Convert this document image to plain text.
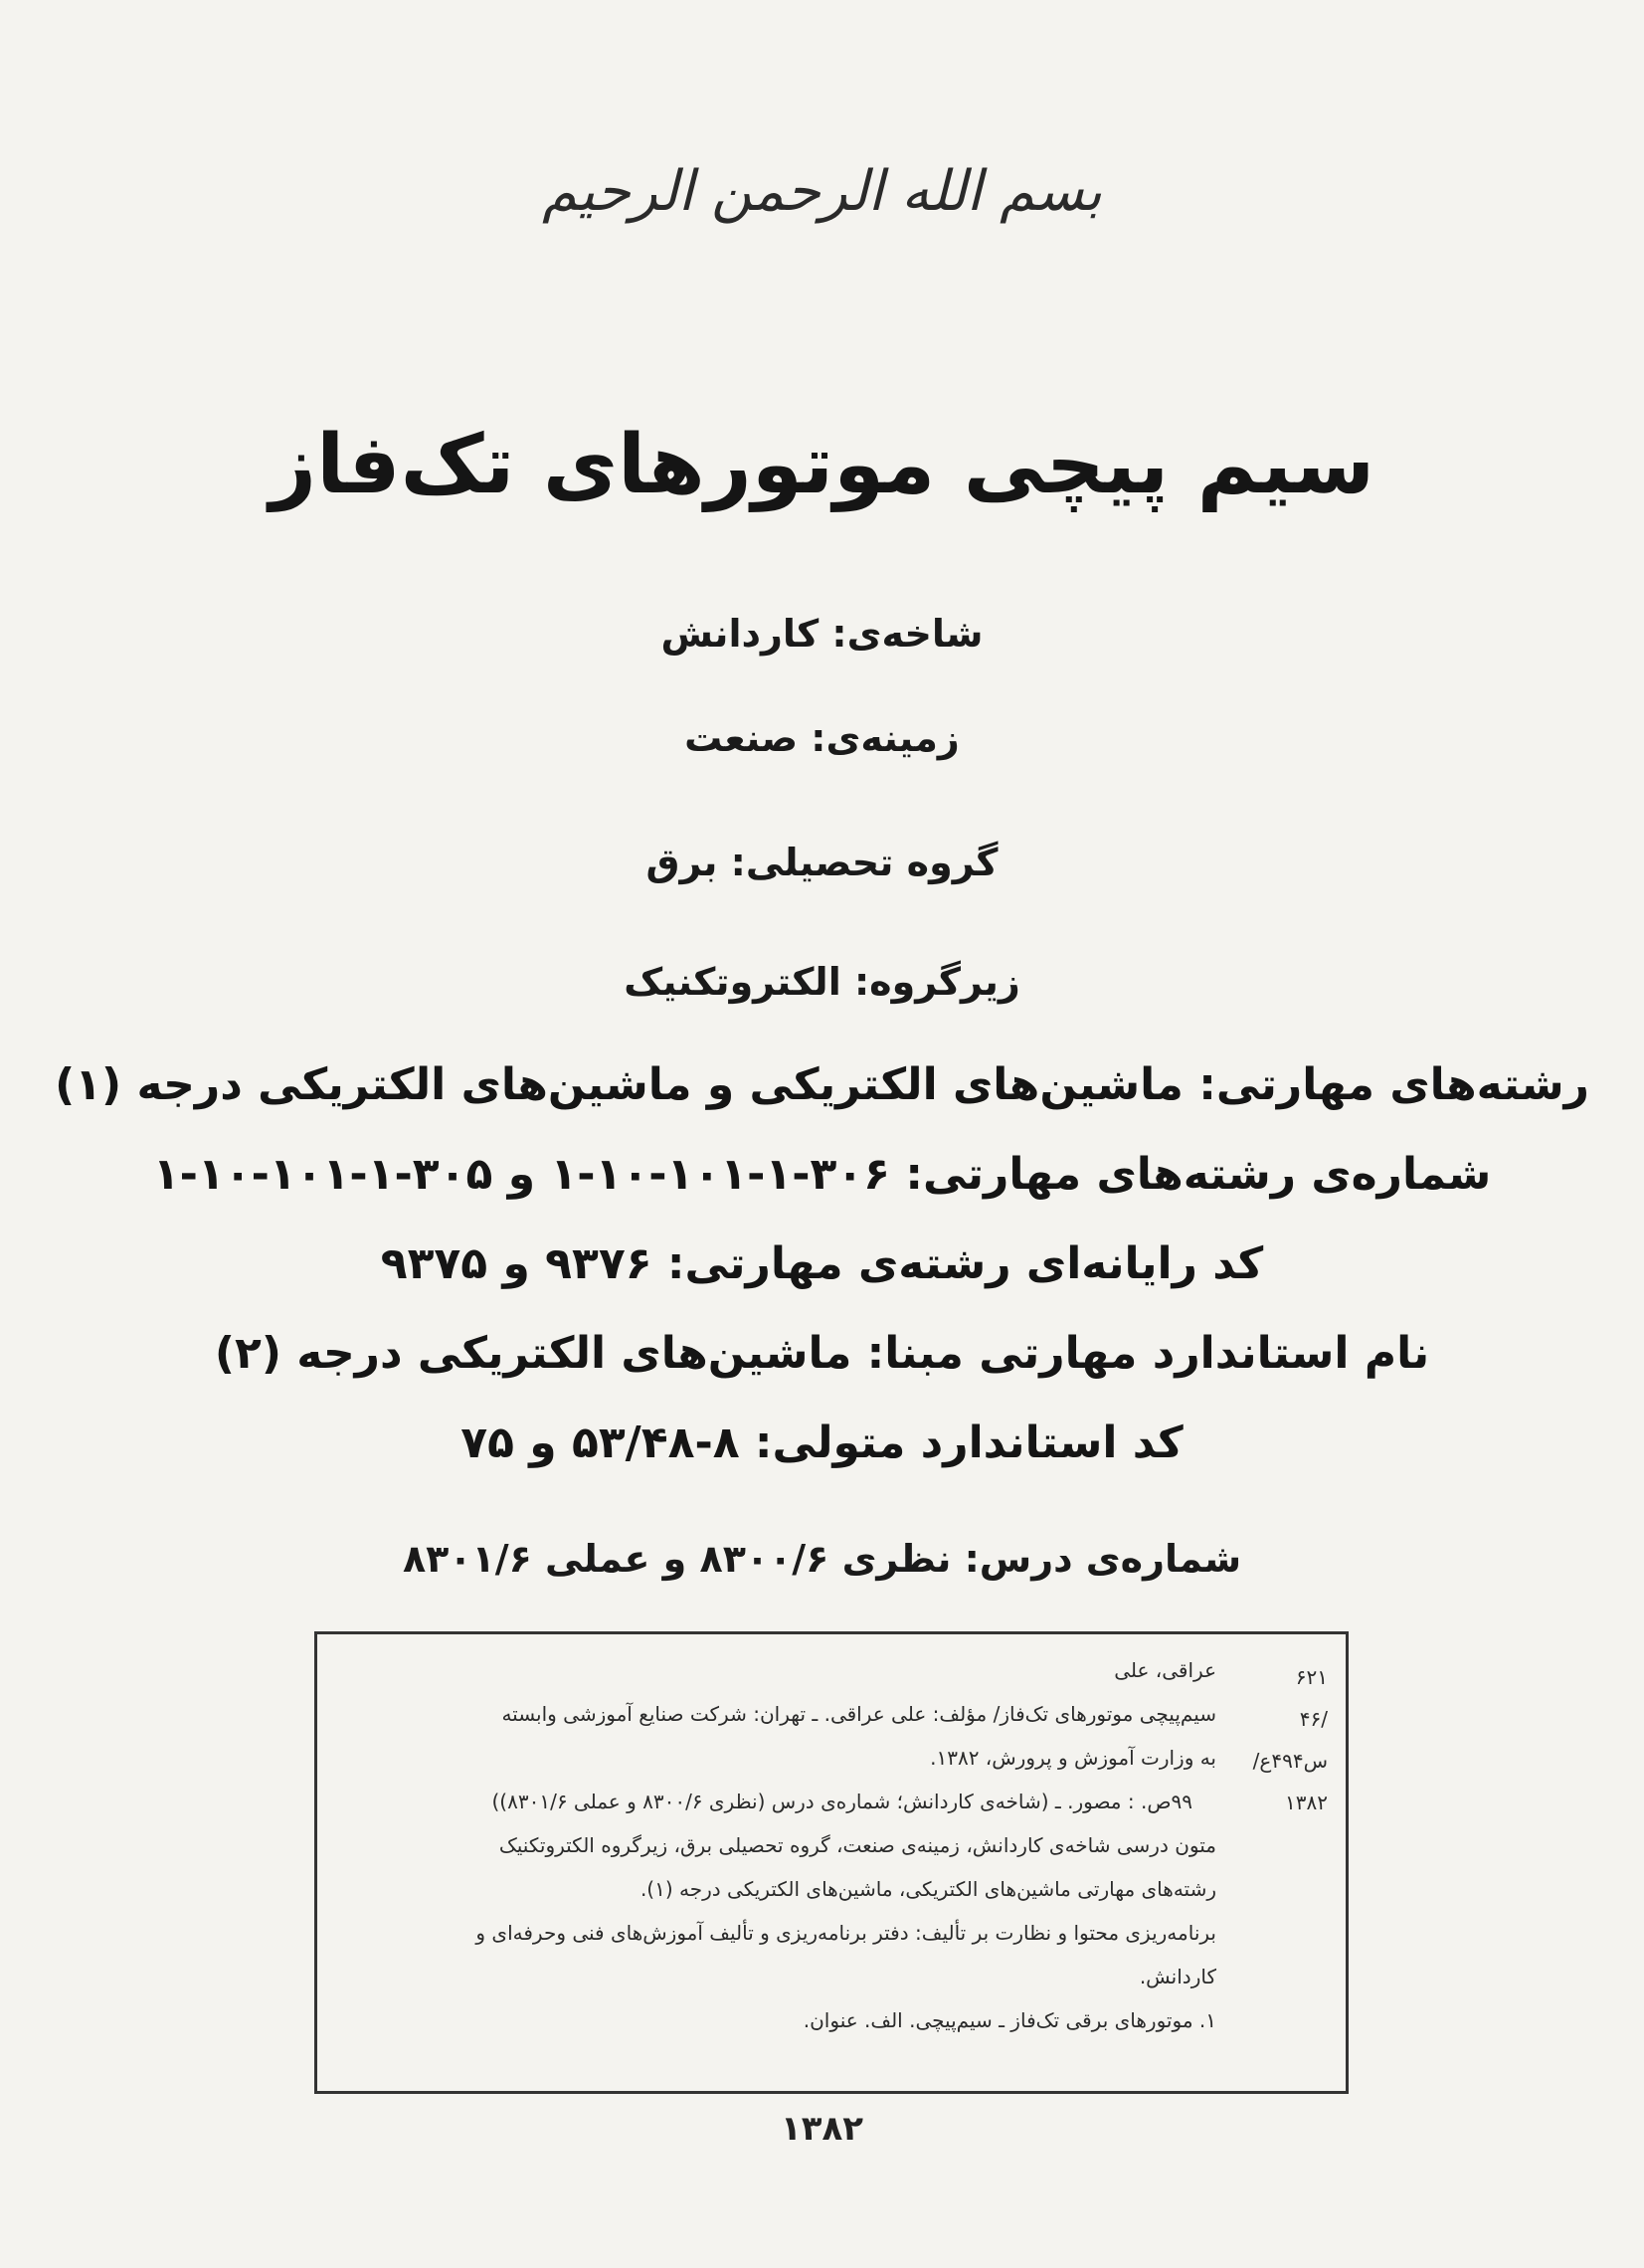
بسم الله الرحمن الرحیم
سیم پیچی موتورهای تک‌فاز
شاخه‌ی: کاردانش
زمینه‌ی: صنعت
گروه تحصیلی: برق
زیرگروه: الکتروتکنیک
رشته‌های مهارتی: ماشین‌های الکتریکی و ماشین‌های الکتریکی درجه (۱)
شماره‌ی رشته‌های مهارتی: ۳۰۶-۱-۱۰۱-۱۰-۱ و ۳۰۵-۱-۱۰۱-۱۰-۱
کد رایانه‌ای رشته‌ی مهارتی: ۹۳۷۶ و ۹۳۷۵
نام استاندارد مهارتی مبنا: ماشین‌های الکتریکی درجه (۲)
کد استاندارد متولی: ۸-۵۳/۴۸ و ۷۵
شماره‌ی درس: نظری ۸۳۰۰/۶ و عملی ۸۳۰۱/۶
۶۲۱
/۴۶
س۴۹۴ع/
۱۳۸۲
عراقی، علی
سیم‌پیچی موتورهای تک‌فاز/ مؤلف: علی عراقی. ـ تهران: شرکت صنایع آموزشی وابسته
به وزارت آموزش و پرورش، ۱۳۸۲.
۹۹ص. : مصور. ـ (شاخه‌ی کاردانش؛ شماره‌ی درس (نظری ۸۳۰۰/۶ و عملی ۸۳۰۱/۶))
متون درسی شاخه‌ی کاردانش، زمینه‌ی صنعت، گروه تحصیلی برق، زیرگروه الکتروتکنیک
رشته‌های مهارتی ماشین‌های الکتریکی، ماشین‌های الکتریکی درجه (۱).
برنامه‌ریزی محتوا و نظارت بر تألیف: دفتر برنامه‌ریزی و تألیف آموزش‌های فنی وحرفه‌ای و
کاردانش.
۱. موتورهای برقی تک‌فاز ـ سیم‌پیچی. الف. عنوان.
۱۳۸۲
